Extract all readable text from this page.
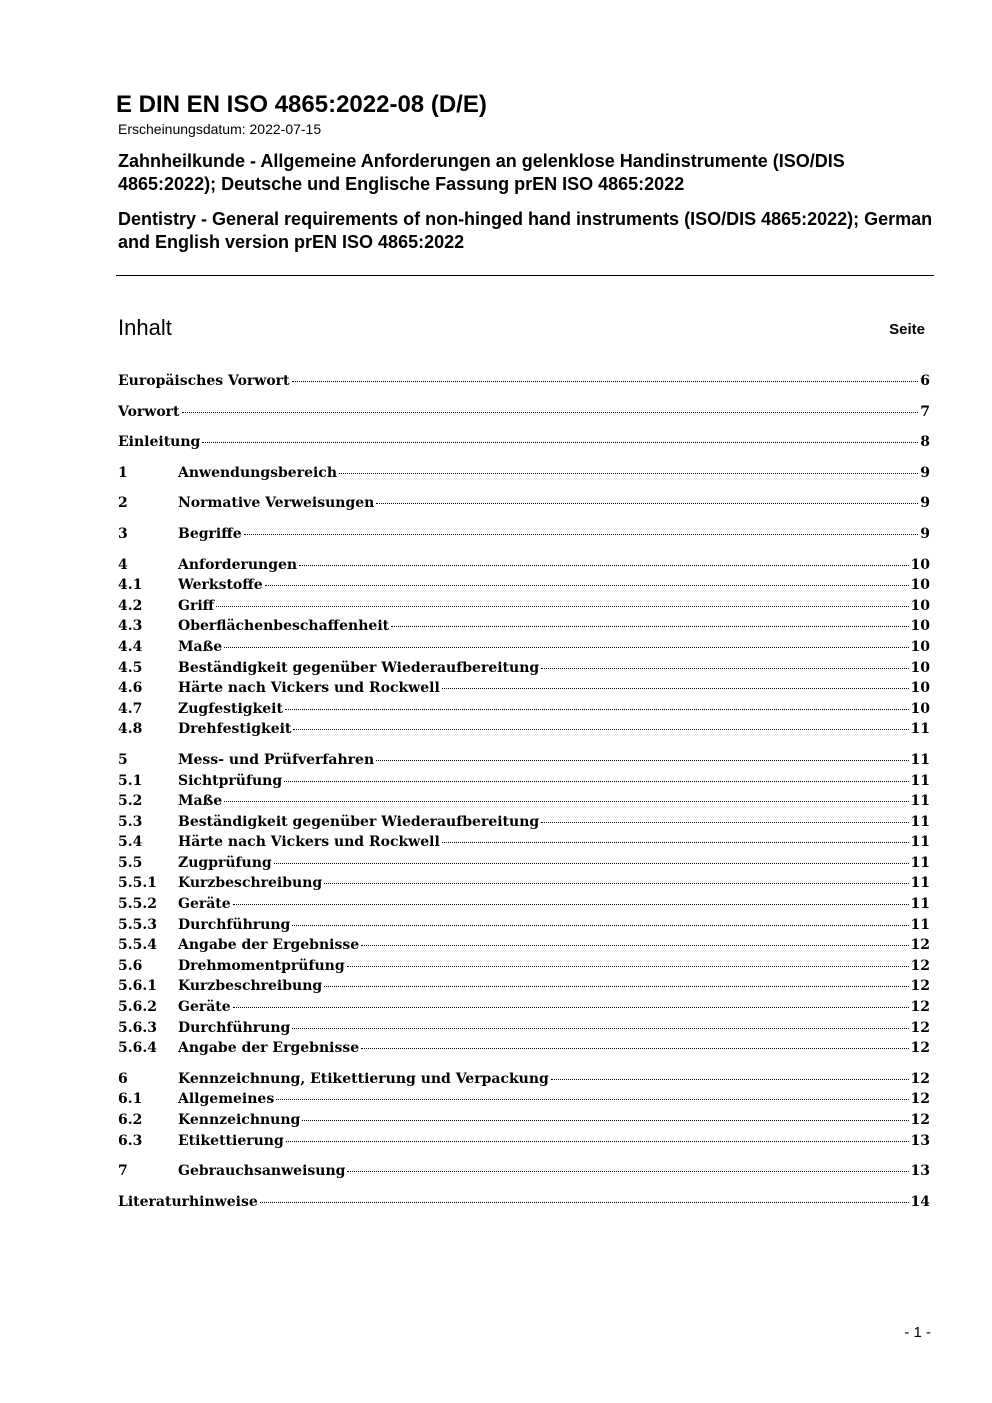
E DIN EN ISO 4865:2022-08 (D/E)

Erscheinungsdatum: 2022-07-15

Zahnheilkunde - Allgemeine Anforderungen an gelenklose Handinstrumente (ISO/DIS 4865:2022); Deutsche und Englische Fassung prEN ISO 4865:2022

Dentistry - General requirements of non-hinged hand instruments (ISO/DIS 4865:2022); German and English version prEN ISO 4865:2022

Inhalt	Seite
Europäisches Vorwort	6
Vorwort	7
Einleitung	8
1	Anwendungsbereich	9
2	Normative Verweisungen	9
3	Begriffe	9
4	Anforderungen	10
4.1	Werkstoffe	10
4.2	Griff	10
4.3	Oberflächenbeschaffenheit	10
4.4	Maße	10
4.5	Beständigkeit gegenüber Wiederaufbereitung	10
4.6	Härte nach Vickers und Rockwell	10
4.7	Zugfestigkeit	10
4.8	Drehfestigkeit	11
5	Mess- und Prüfverfahren	11
5.1	Sichtprüfung	11
5.2	Maße	11
5.3	Beständigkeit gegenüber Wiederaufbereitung	11
5.4	Härte nach Vickers und Rockwell	11
5.5	Zugprüfung	11
5.5.1	Kurzbeschreibung	11
5.5.2	Geräte	11
5.5.3	Durchführung	11
5.5.4	Angabe der Ergebnisse	12
5.6	Drehmomentprüfung	12
5.6.1	Kurzbeschreibung	12
5.6.2	Geräte	12
5.6.3	Durchführung	12
5.6.4	Angabe der Ergebnisse	12
6	Kennzeichnung, Etikettierung und Verpackung	12
6.1	Allgemeines	12
6.2	Kennzeichnung	12
6.3	Etikettierung	13
7	Gebrauchsanweisung	13
Literaturhinweise	14
- 1 -
